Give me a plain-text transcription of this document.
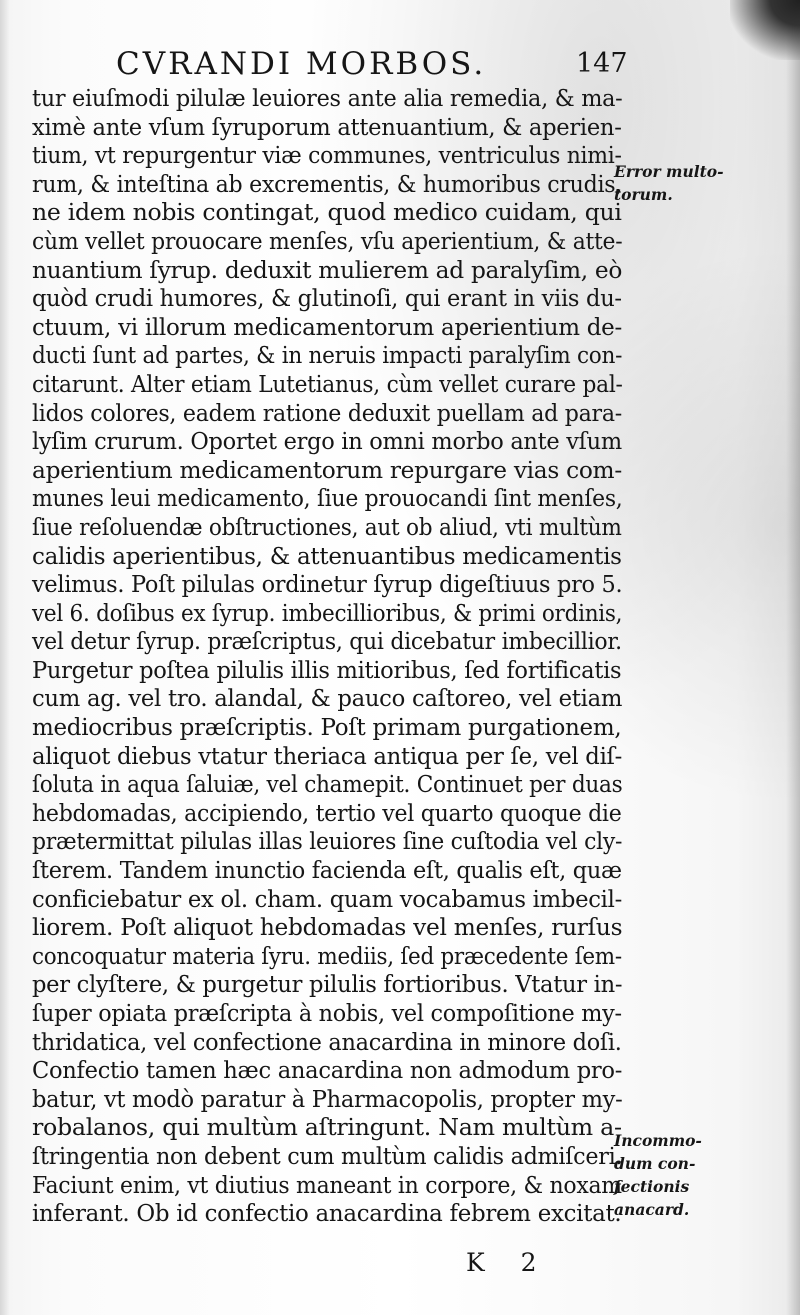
CVRANDI MORBOS.	147
tur eiuſmodi pilulæ leuiores ante alia remedia, & ma-
ximè ante vſum ſyruporum attenuantium, & aperien-
tium, vt repurgentur viæ communes, ventriculus nimi-
rum, & inteſtina ab excrementis, & humoribus crudis,
ne idem nobis contingat, quod medico cuidam, qui
cùm vellet prouocare menſes, vſu aperientium, & atte-
nuantium ſyrup. deduxit mulierem ad paralyſim, eò
quòd crudi humores, & glutinoſi, qui erant in viis du-
ctuum, vi illorum medicamentorum aperientium de-
ducti ſunt ad partes, & in neruis impacti paralyſim con-
citarunt. Alter etiam Lutetianus, cùm vellet curare pal-
lidos colores, eadem ratione deduxit puellam ad para-
lyſim crurum. Oportet ergo in omni morbo ante vſum
aperientium medicamentorum repurgare vias com-
munes leui medicamento, ſiue prouocandi ſint menſes,
ſiue reſoluendæ obſtructiones, aut ob aliud, vti multùm
calidis aperientibus, & attenuantibus medicamentis
velimus. Poſt pilulas ordinetur ſyrup digeſtiuus pro 5.
vel 6. doſibus ex ſyrup. imbecillioribus, & primi ordinis,
vel detur ſyrup. præſcriptus, qui dicebatur imbecillior.
Purgetur poſtea pilulis illis mitioribus, ſed fortificatis
cum ag. vel tro. alandal, & pauco caſtoreo, vel etiam
mediocribus præſcriptis. Poſt primam purgationem,
aliquot diebus vtatur theriaca antiqua per ſe, vel diſ-
ſoluta in aqua ſaluiæ, vel chamepit. Continuet per duas
hebdomadas, accipiendo, tertio vel quarto quoque die
prætermittat pilulas illas leuiores ſine cuſtodia vel cly-
ſterem. Tandem inunctio facienda eſt, qualis eſt, quæ
conficiebatur ex ol. cham. quam vocabamus imbecil-
liorem. Poſt aliquot hebdomadas vel menſes, rurſus
concoquatur materia ſyru. mediis, ſed præcedente ſem-
per clyſtere, & purgetur pilulis fortioribus. Vtatur in-
ſuper opiata præſcripta à nobis, vel compoſitione my-
thridatica, vel confectione anacardina in minore doſi.
Confectio tamen hæc anacardina non admodum pro-
batur, vt modò paratur à Pharmacopolis, propter my-
robalanos, qui multùm aſtringunt. Nam multùm a-
ſtringentia non debent cum multùm calidis admiſceri.
Faciunt enim, vt diutius maneant in corpore, & noxam
inferant. Ob id confectio anacardina febrem excitat.
Error multo-
torum.
Incommo-
dum con-
fectionis
anacard.
K 2
